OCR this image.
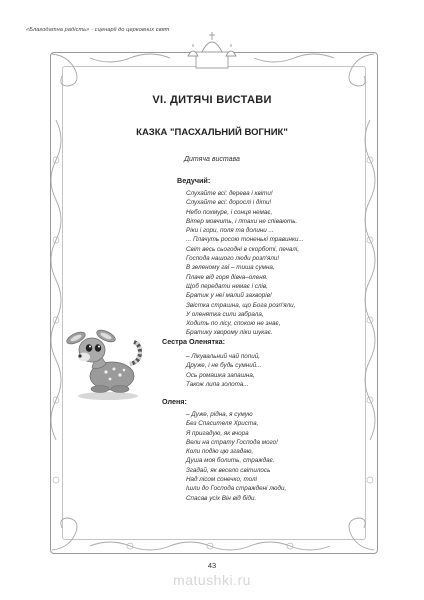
«Благодатна радість» · сценарії до церковних свят
VI. ДИТЯЧІ ВИСТАВИ
КАЗКА "ПАСХАЛЬНИЙ ВОГНИК"
Дитяча вистава
Ведучий:
Слухайте всі: дерева і квіти!
Слухайте всі: дорослі і діти!
Небо похмуре, і сонця немає,
Вітер мовчить, і птахи не співають.
Ріки і гори, поля та долини ...
... Плачуть росою тоненькі травинки...
Світ весь сьогодні в скорботі, печалі,
Господа нашого люди розп'яли!
В зеленому гаї – тиша сумна,
Плаче від горя дівча–оленя.
Щоб передати немає і слів,
Братик у неї малий захворів!
Звістка страшна, що Бога розп'яли,
У оленятка сили забрала,
Ходить по лісу, спокою не знає,
Братику хворому ліки шукає.
Сестра Оленятка:
– Лікувальний чай попий,
Друже, і не будь сумний...
Ось ромашка запашна,
Також липа золота...
Оленя:
– Дуже, рідна, я сумую
Без Спасителя Христа,
Я пригадую, як вчора
Вели на страту Господа мого!
Коли подію цю згадаю,
Душа моя болить, страждає.
Згадай, як весело світилось
Над лісом сонечко, толі
Ішли до Господа страждені люди,
Спасав усіх Він від біди.
43
matushki.ru
